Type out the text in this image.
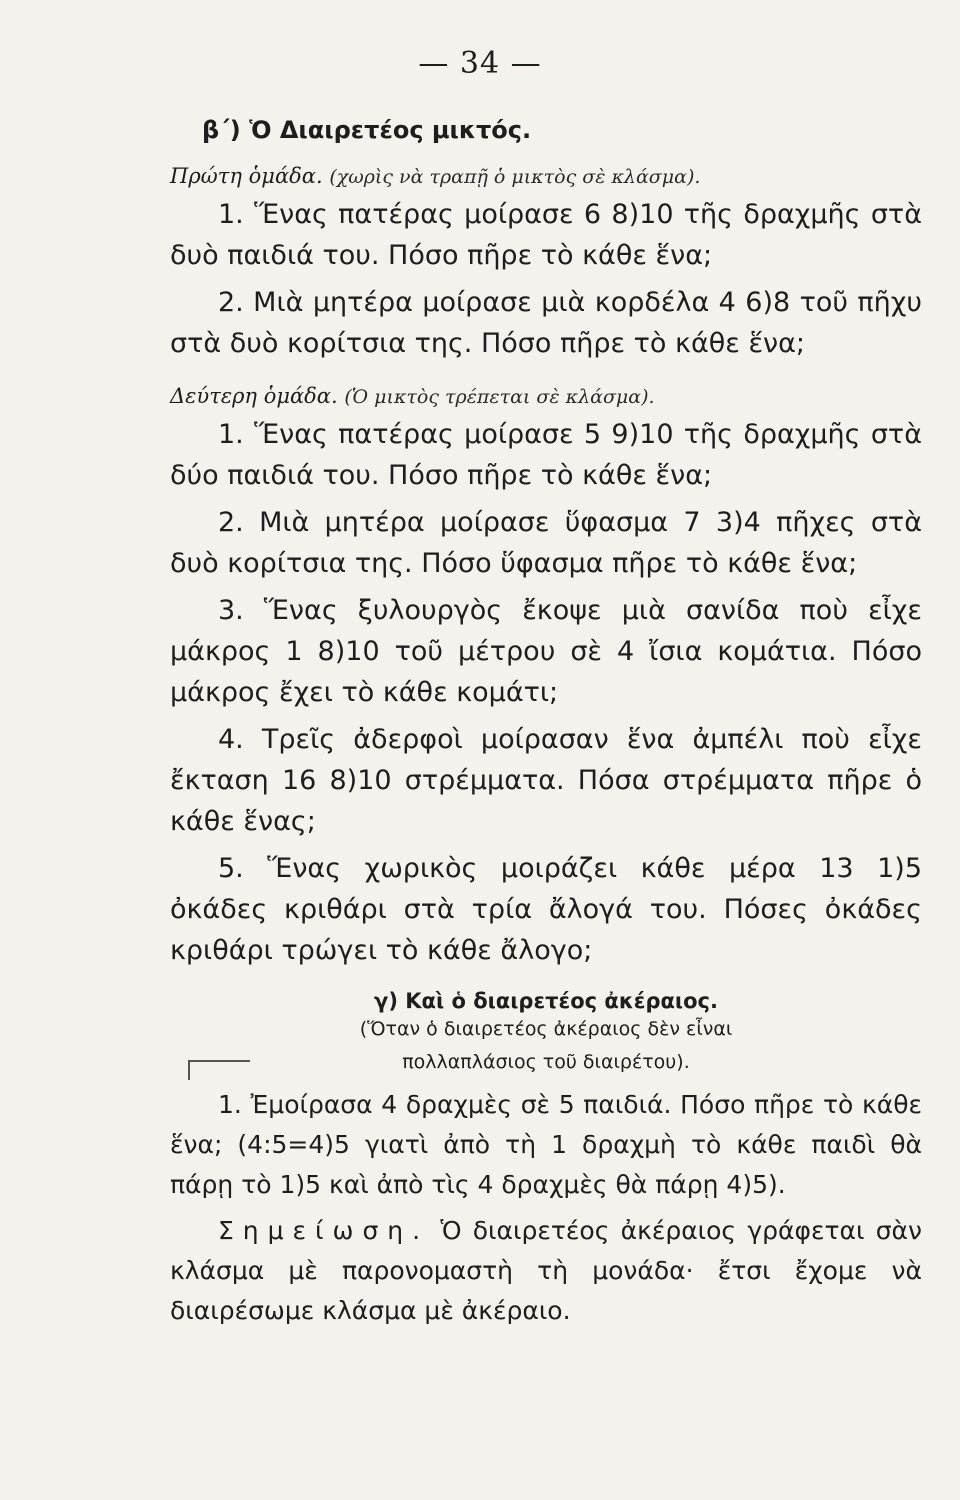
— 34 —
β΄) Ὁ Διαιρετέος μικτός.
Πρώτη ὁμάδα. (χωρὶς νὰ τραπῇ ὁ μικτὸς σὲ κλάσμα).

1. Ἕνας πατέρας μοίρασε 6 8)10 τῆς δραχμῆς στὰ δυὸ παιδιά του. Πόσο πῆρε τὸ κάθε ἕνα;

2. Μιὰ μητέρα μοίρασε μιὰ κορδέλα 4 6)8 τοῦ πῆχυ στὰ δυὸ κορίτσια της. Πόσο πῆρε τὸ κάθε ἕνα;

Δεύτερη ὁμάδα. (Ὁ μικτὸς τρέπεται σὲ κλάσμα).

1. Ἕνας πατέρας μοίρασε 5 9)10 τῆς δραχμῆς στὰ δύο παιδιά του. Πόσο πῆρε τὸ κάθε ἕνα;

2. Μιὰ μητέρα μοίρασε ὕφασμα 7 3)4 πῆχες στὰ δυὸ κορίτσια της. Πόσο ὕφασμα πῆρε τὸ κάθε ἕνα;

3. Ἕνας ξυλουργὸς ἔκοψε μιὰ σανίδα ποὺ εἶχε μάκρος 1 8)10 τοῦ μέτρου σὲ 4 ἴσια κομάτια. Πόσο μάκρος ἔχει τὸ κάθε κομάτι;

4. Τρεῖς ἀδερφοὶ μοίρασαν ἕνα ἀμπέλι ποὺ εἶχε ἔκταση 16 8)10 στρέμματα. Πόσα στρέμματα πῆρε ὁ κάθε ἕνας;

5. Ἕνας χωρικὸς μοιράζει κάθε μέρα 13 1)5 ὀκάδες κριθάρι στὰ τρία ἄλογά του. Πόσες ὀκάδες κριθάρι τρώγει τὸ κάθε ἄλογο;

γ) Καὶ ὁ διαιρετέος ἀκέραιος.
(Ὅταν ὁ διαιρετέος ἀκέραιος δὲν εἶναι
πολλαπλάσιος τοῦ διαιρέτου).

1. Ἐμοίρασα 4 δραχμὲς σὲ 5 παιδιά. Πόσο πῆρε τὸ κάθε ἕνα; (4:5=4)5 γιατὶ ἀπὸ τὴ 1 δραχμὴ τὸ κάθε παιδὶ θὰ πάρῃ τὸ 1)5 καὶ ἀπὸ τὶς 4 δραχμὲς θὰ πάρῃ 4)5).

Σημείωση. Ὁ διαιρετέος ἀκέραιος γράφεται σὰν κλάσμα μὲ παρονομαστὴ τὴ μονάδα· ἔτσι ἔχομε νὰ διαιρέσωμε κλάσμα μὲ ἀκέραιο.
